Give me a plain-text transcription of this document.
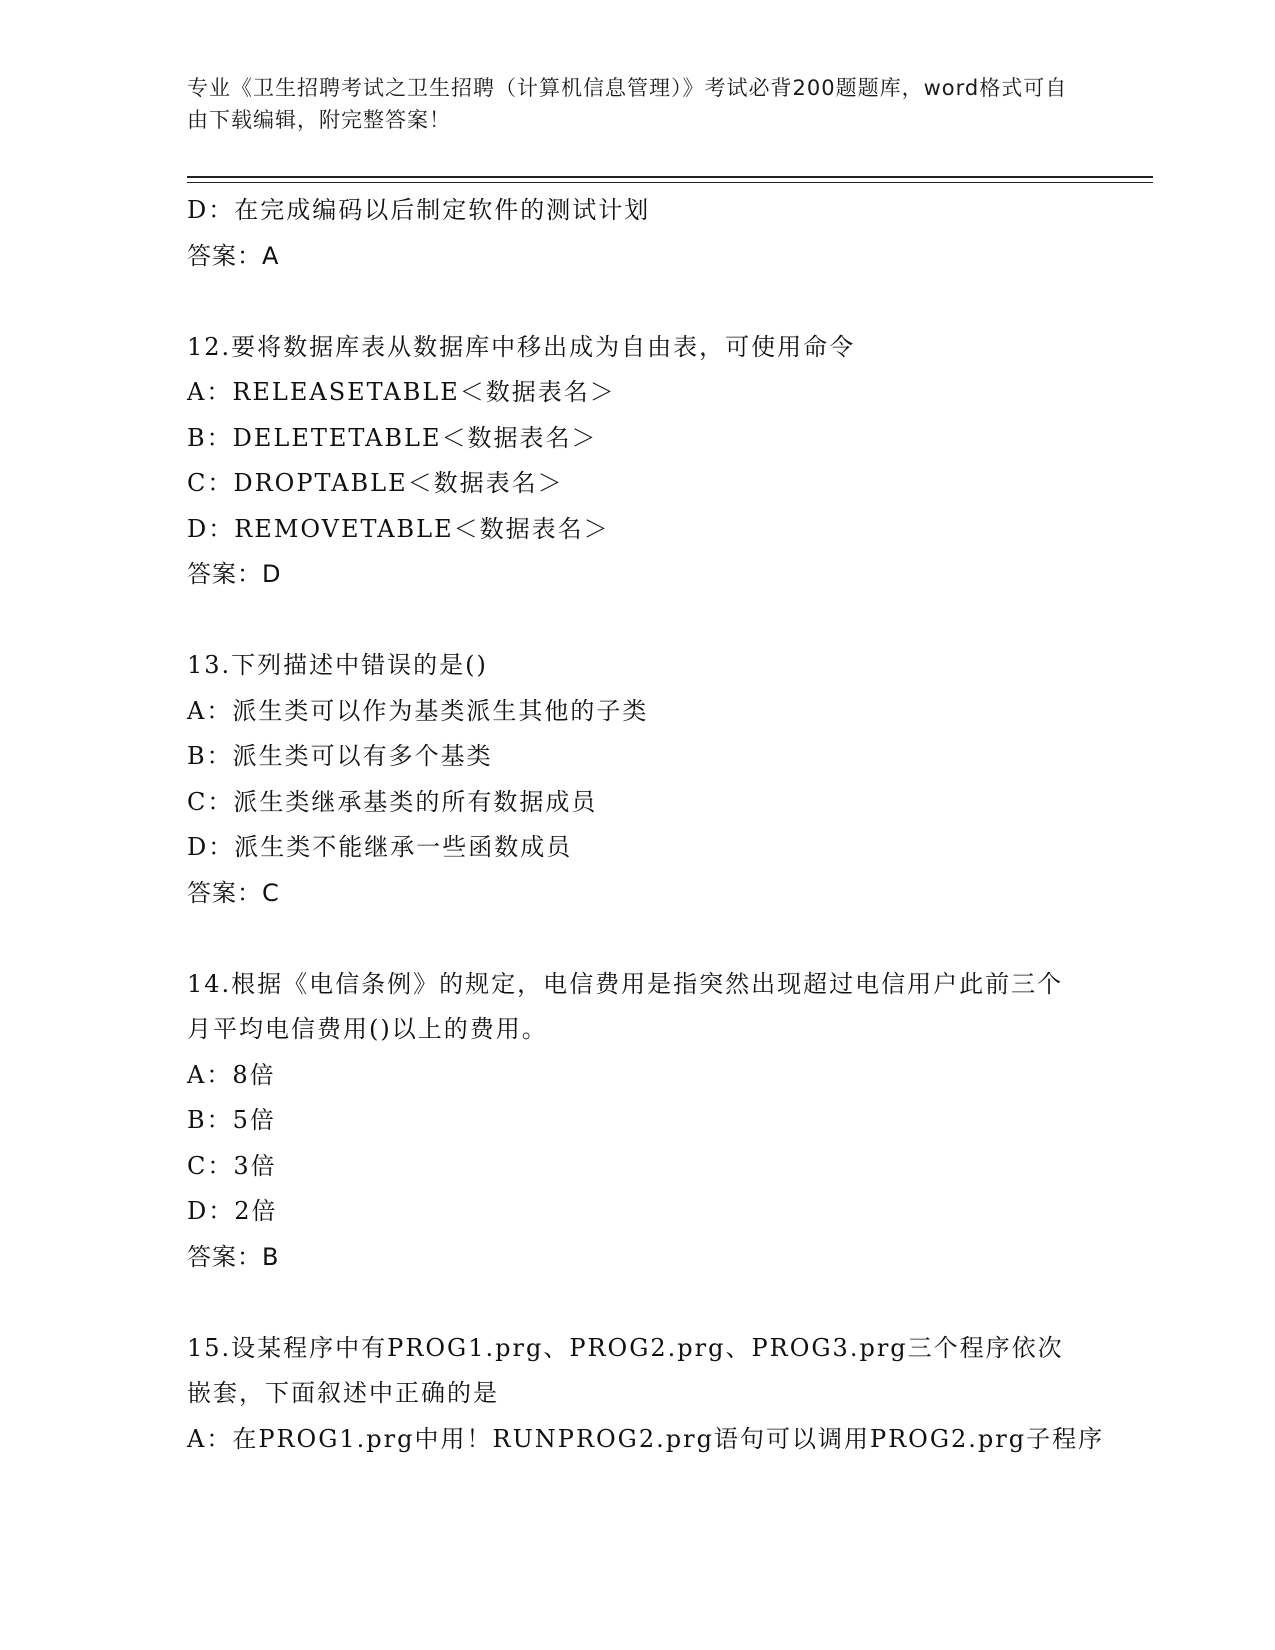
专业《卫生招聘考试之卫生招聘（计算机信息管理）》考试必背200题题库，word格式可自由下载编辑，附完整答案！
D：在完成编码以后制定软件的测试计划
答案：A
12.要将数据库表从数据库中移出成为自由表，可使用命令
A：RELEASETABLE＜数据表名＞
B：DELETETABLE＜数据表名＞
C：DROPTABLE＜数据表名＞
D：REMOVETABLE＜数据表名＞
答案：D
13.下列描述中错误的是()
A：派生类可以作为基类派生其他的子类
B：派生类可以有多个基类
C：派生类继承基类的所有数据成员
D：派生类不能继承一些函数成员
答案：C
14.根据《电信条例》的规定，电信费用是指突然出现超过电信用户此前三个月平均电信费用()以上的费用。
A：8倍
B：5倍
C：3倍
D：2倍
答案：B
15.设某程序中有PROG1.prg、PROG2.prg、PROG3.prg三个程序依次嵌套，下面叙述中正确的是
A：在PROG1.prg中用！RUNPROG2.prg语句可以调用PROG2.prg子程序
